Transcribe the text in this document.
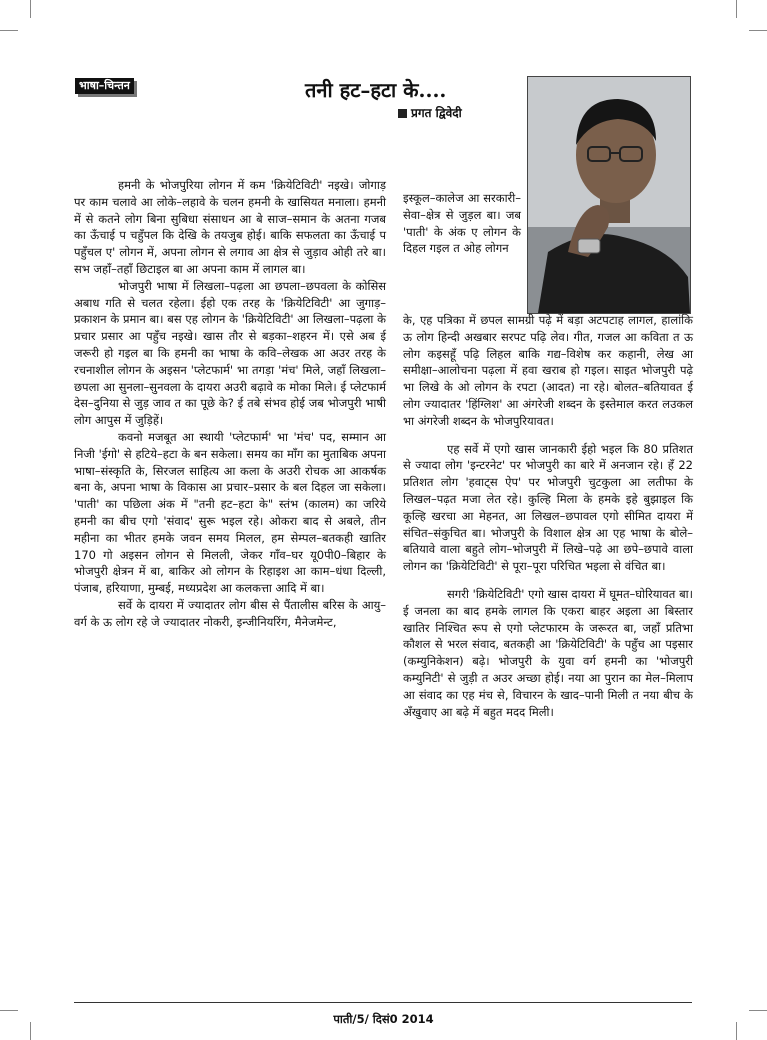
भाषा–चिन्तन	तनी हट–हटा के....
प्रगत द्विवेदी

हमनी के भोजपुरिया लोगन में कम 'क्रियेटिविटी' नइखे। जोगाड़ पर काम चलावे आ लोके–लहावे के चलन हमनी के खासियत मनाला। हमनी में से कतने लोग बिना सुबिधा संसाधन आ बे साज–समान के अतना गजब का ऊँचाई प चहुँपल कि देखि के तयजुब होई। बाकि सफलता का ऊँचाई प पहुँचल ए' लोगन में, अपना लोगन से लगाव आ क्षेत्र से जुड़ाव ओही तरे बा। सभ जहाँ–तहाँ छिटाइल बा आ अपना काम में लागल बा।

भोजपुरी भाषा में लिखला–पढ़ला आ छपला–छपवला के कोसिस अबाध गति से चलत रहेला। ईहो एक तरह के 'क्रियेटिविटी' आ जुगाड़–प्रकाशन के प्रमान बा। बस एह लोगन के 'क्रियेटिविटी' आ लिखला–पढ़ला के प्रचार प्रसार आ पहुँच नइखे। खास तौर से बड़का–शहरन में। एसे अब ई जरूरी हो गइल बा कि हमनी का भाषा के कवि–लेखक आ अउर तरह के रचनाशील लोगन के अइसन 'प्लेटफार्म' भा तगड़ा 'मंच' मिले, जहाँ लिखला–छपला आ सुनला–सुनवला के दायरा अउरी बढ़ावे क मोका मिले। ई प्लेटफार्म देस–दुनिया से जुड़ जाव त का पूछे के? ई तबे संभव होई जब भोजपुरी भाषी लोग आपुस में जुड़िहें।

कवनो मजबूत आ स्थायी 'प्लेटफार्म' भा 'मंच' पद, सम्मान आ निजी 'ईगो' से हटिये–हटा के बन सकेला। समय का माँग का मुताबिक अपना भाषा–संस्कृति के, सिरजल साहित्य आ कला के अउरी रोचक आ आकर्षक बना के, अपना भाषा के विकास आ प्रचार–प्रसार के बल दिहल जा सकेला। 'पाती' का पछिला अंक में "तनी हट–हटा के" स्तंभ (कालम) का जरिये हमनी का बीच एगो 'संवाद' सुरू भइल रहे। ओकरा बाद से अबले, तीन महीना का भीतर हमके जवन समय मिलल, हम सेम्पल–बतकही खातिर 170 गो अइसन लोगन से मिलली, जेकर गाँव–घर यू0पी0–बिहार के भोजपुरी क्षेत्रन में बा, बाकिर ओ लोगन के रिहाइश आ काम–धंधा दिल्ली, पंजाब, हरियाणा, मुम्बई, मध्यप्रदेश आ कलकत्ता आदि में बा।

सर्वे के दायरा में ज्यादातर लोग बीस से पैंतालीस बरिस के आयु–वर्ग के ऊ लोग रहे जे ज्यादातर नोकरी, इन्जीनियरिंग, मैनेजमेन्ट,

इस्कूल–कालेज आ सरकारी–सेवा–क्षेत्र से जुड़ल बा। जब 'पाती' के अंक ए लोगन के दिहल गइल त ओह लोगन

के, एह पत्रिका में छपल सामग्री पढ़े में बड़ा अटपटाह लागल, हालांकि ऊ लोग हिन्दी अखबार सरपट पढ़ि लेव। गीत, गजल आ कविता त ऊ लोग कइसहूँ पढ़ि लिहल बाकि गद्य–विशेष कर कहानी, लेख आ समीक्षा–आलोचना पढ़ला में हवा खराब हो गइल। साइत भोजपुरी पढ़े भा लिखे के ओ लोगन के रपटा (आदत) ना रहे। बोलत–बतियावत ई लोग ज्यादातर 'हिंग्लिश' आ अंगरेजी शब्दन के इस्तेमाल करत लउकल भा अंगरेजी शब्दन के भोजपुरियावत।

एह सर्वे में एगो खास जानकारी ईहो भइल कि 80 प्रतिशत से ज्यादा लोग 'इन्टरनेट' पर भोजपुरी का बारे में अनजान रहे। हँ 22 प्रतिशत लोग 'हवाट्स ऐप' पर भोजपुरी चुटकुला आ लतीफा के लिखल–पढ़त मजा लेत रहे। कुल्हि मिला के हमके इहे बुझाइल कि कूल्हि खरचा आ मेहनत, आ लिखल–छपावल एगो सीमित दायरा में संचित–संकुचित बा। भोजपुरी के विशाल क्षेत्र आ एह भाषा के बोले–बतियावे वाला बहुते लोग–भोजपुरी में लिखे–पढ़े आ छपे–छपावे वाला लोगन का 'क्रियेटिविटी' से पूरा–पूरा परिचित भइला से वंचित बा।

सगरी 'क्रियेटिविटी' एगो खास दायरा में घूमत–घोरियावत बा। ई जनला का बाद हमके लागल कि एकरा बाहर अइला आ बिस्तार खातिर निश्चित रूप से एगो प्लेटफारम के जरूरत बा, जहाँ प्रतिभा कौशल से भरल संवाद, बतकही आ 'क्रियेटिविटी' के पहुँच आ पइसार (कम्युनिकेशन) बढ़े। भोजपुरी के युवा वर्ग हमनी का 'भोजपुरी कम्युनिटी' से जुड़ी त अउर अच्छा होई। नया आ पुरान का मेल–मिलाप आ संवाद का एह मंच से, विचारन के खाद–पानी मिली त नया बीच के अँखुवाए आ बढ़े में बहुत मदद मिली।

पाती/5/ दिसं0 2014
